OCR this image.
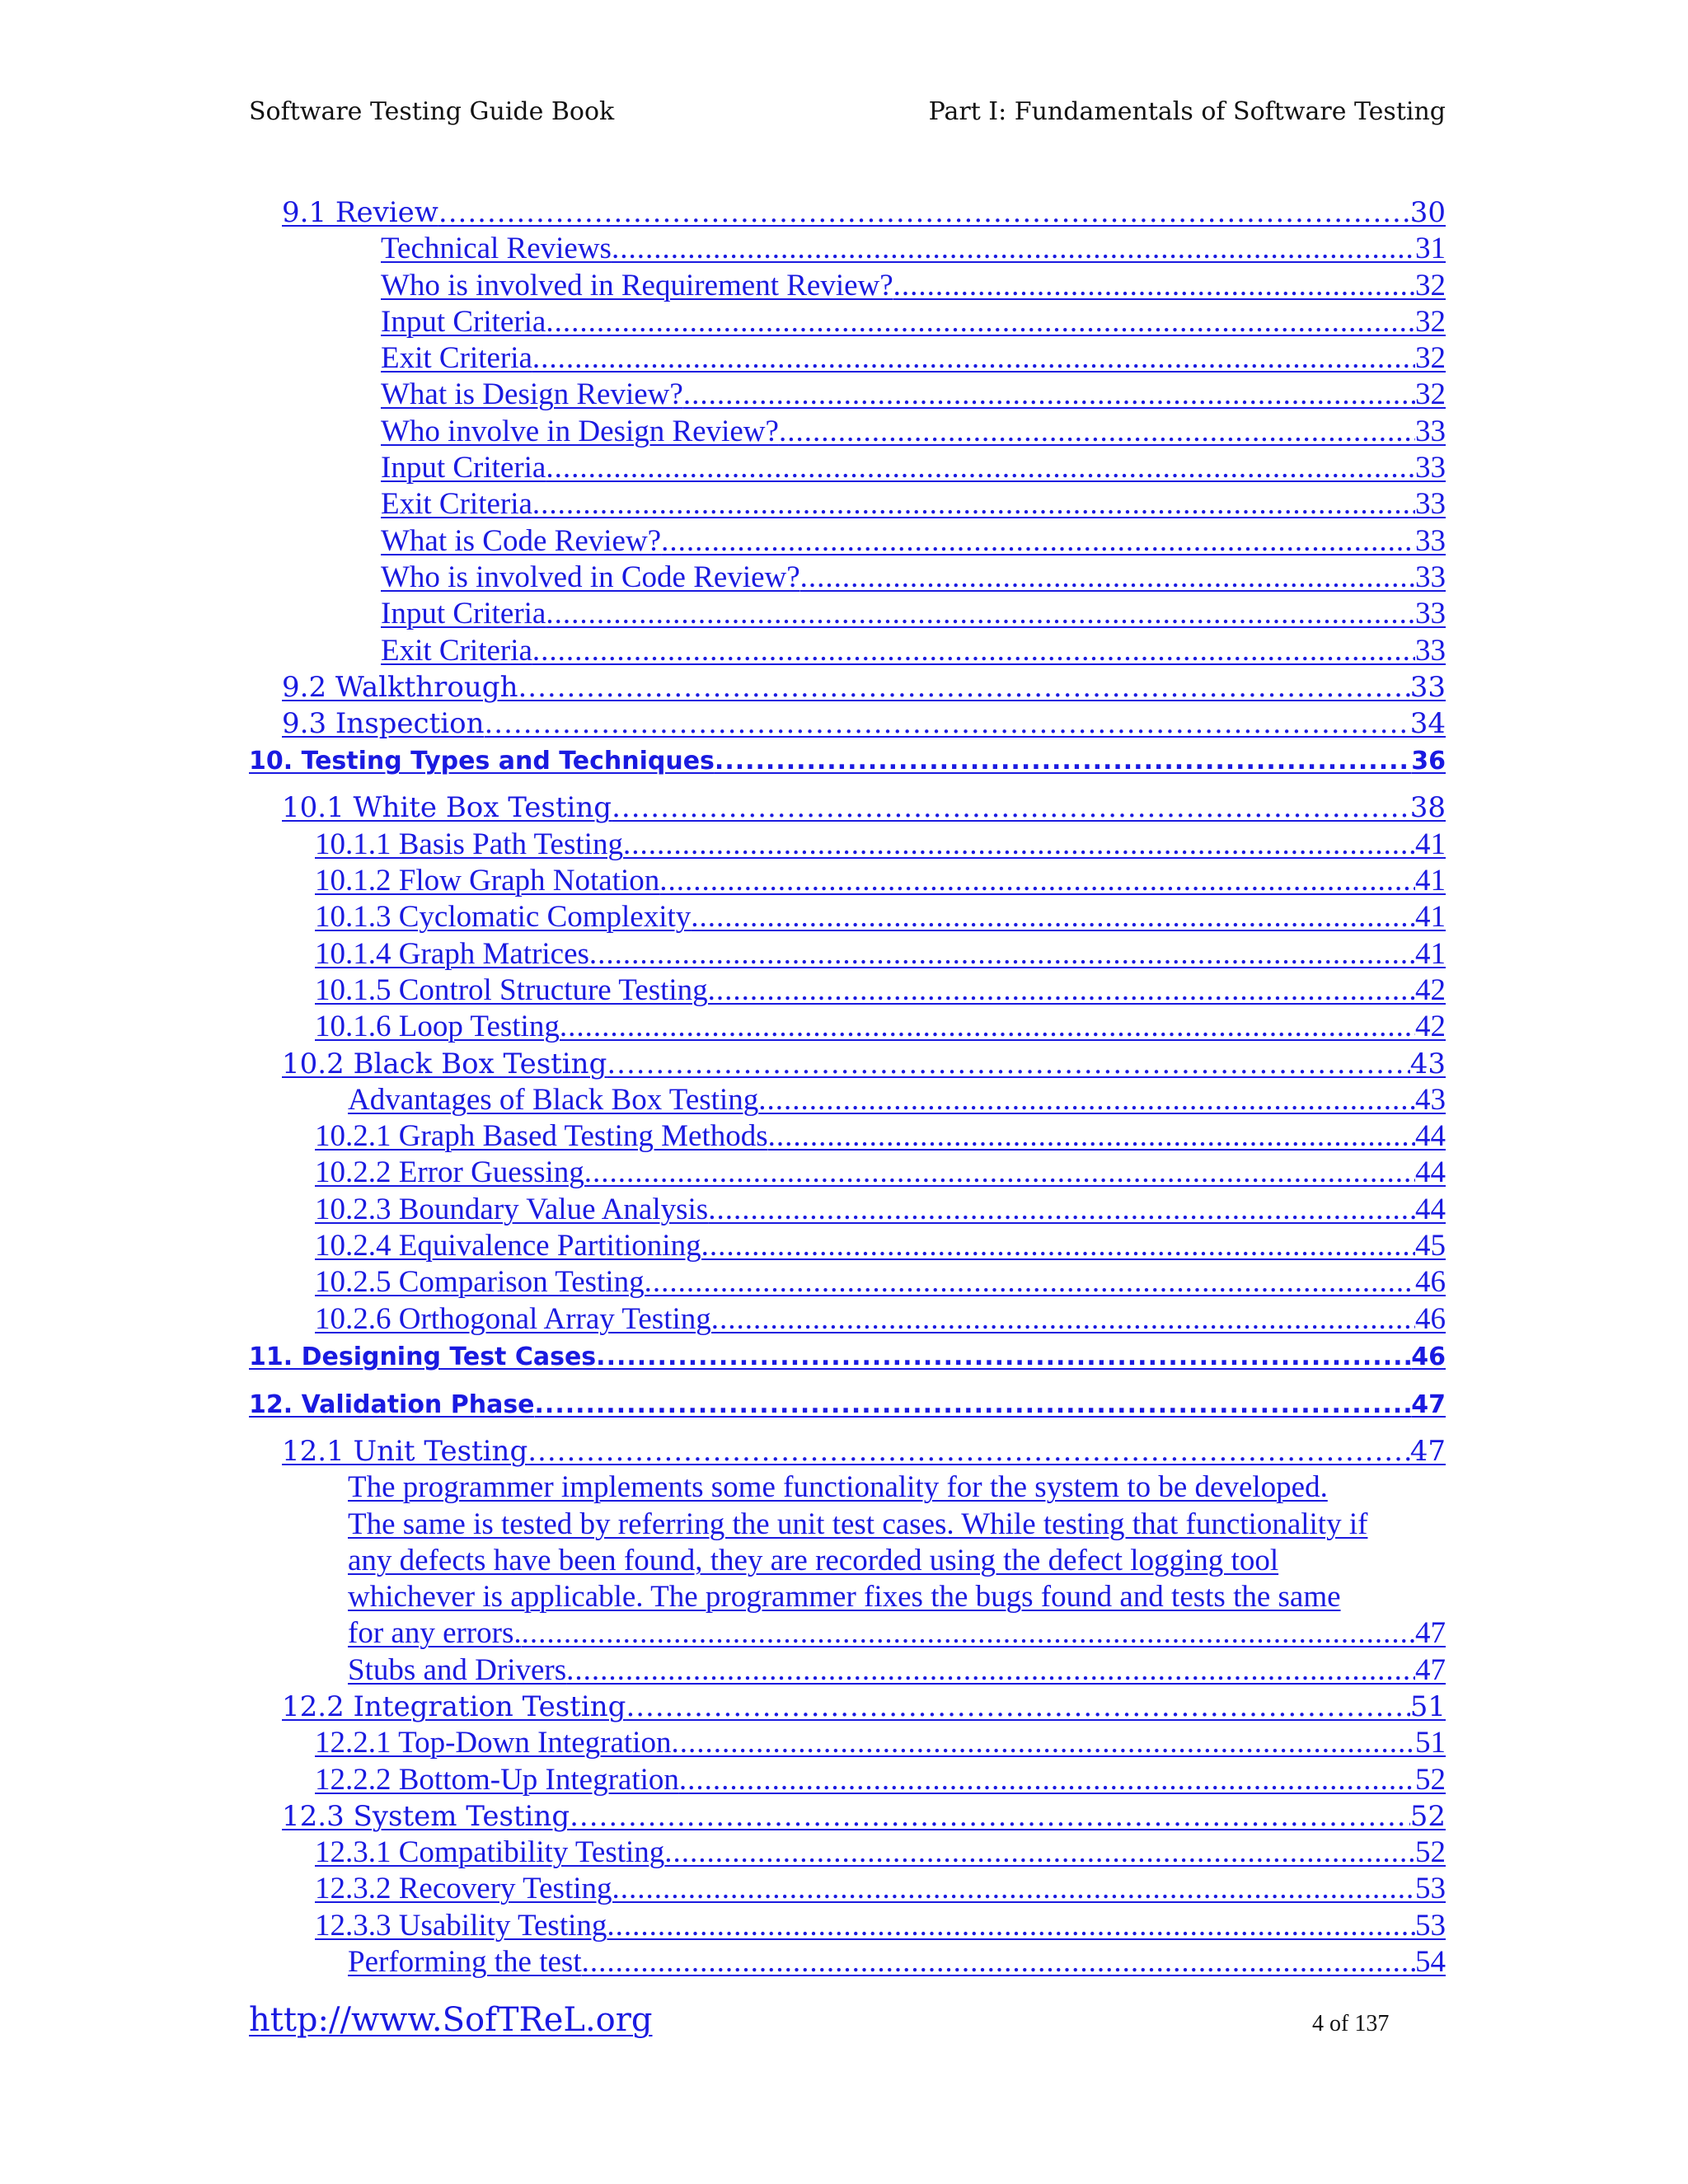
Software Testing Guide Book	Part I: Fundamentals of Software Testing
9.1 Review .....	30
Technical Reviews .....	31
Who is involved in Requirement Review? .....	32
Input Criteria .....	32
Exit Criteria .....	32
What is Design Review? .....	32
Who involve in Design Review? .....	33
Input Criteria .....	33
Exit Criteria .....	33
What is Code Review? .....	33
Who is involved in Code Review? .....	33
Input Criteria .....	33
Exit Criteria .....	33
9.2 Walkthrough .....	33
9.3 Inspection .....	34
10. Testing Types and Techniques .....	36
10.1 White Box Testing .....	38
10.1.1 Basis Path Testing .....	41
10.1.2 Flow Graph Notation .....	41
10.1.3 Cyclomatic Complexity .....	41
10.1.4 Graph Matrices .....	41
10.1.5 Control Structure Testing .....	42
10.1.6 Loop Testing .....	42
10.2 Black Box Testing .....	43
Advantages of Black Box Testing .....	43
10.2.1 Graph Based Testing Methods .....	44
10.2.2 Error Guessing .....	44
10.2.3 Boundary Value Analysis .....	44
10.2.4 Equivalence Partitioning .....	45
10.2.5 Comparison Testing .....	46
10.2.6 Orthogonal Array Testing .....	46
11. Designing Test Cases .....	46
12. Validation Phase .....	47
12.1 Unit Testing .....	47
The programmer implements some functionality for the system to be developed.
The same is tested by referring the unit test cases. While testing that functionality if
any defects have been found, they are recorded using the defect logging tool
whichever is applicable. The programmer fixes the bugs found and tests the same
for any errors. .....	47
Stubs and Drivers .....	47
12.2 Integration Testing .....	51
12.2.1 Top-Down Integration .....	51
12.2.2 Bottom-Up Integration .....	52
12.3 System Testing .....	52
12.3.1 Compatibility Testing .....	52
12.3.2 Recovery Testing .....	53
12.3.3 Usability Testing .....	53
Performing the test .....	54
http://www.SofTReL.org	4 of 137
